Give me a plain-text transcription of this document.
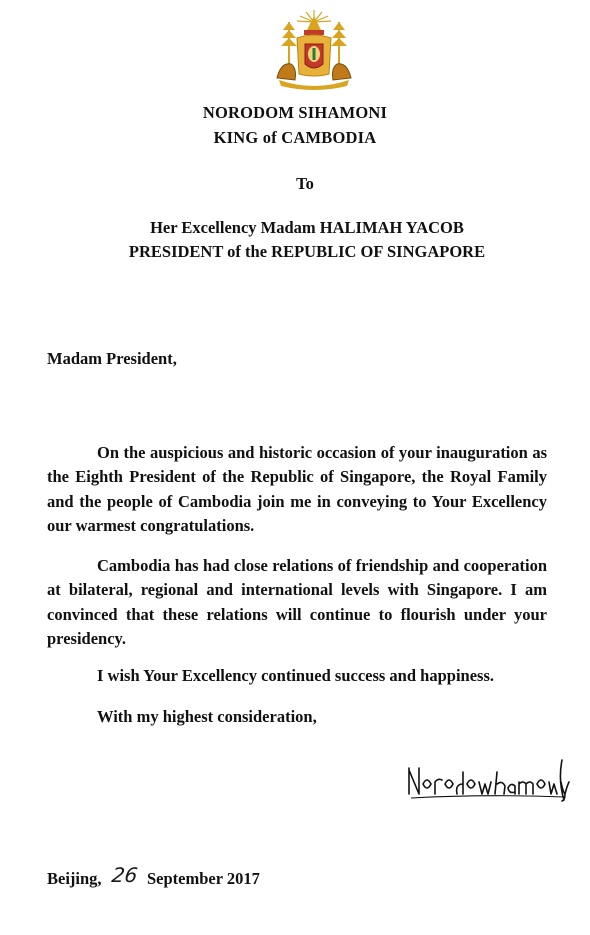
NORODOM SIHAMONI
KING of CAMBODIA
To
Her Excellency Madam HALIMAH YACOB
PRESIDENT of the REPUBLIC OF SINGAPORE
Madam President,

On the auspicious and historic occasion of your inauguration as the Eighth President of the Republic of Singapore, the Royal Family and the people of Cambodia join me in conveying to Your Excellency our warmest congratulations.

Cambodia has had close relations of friendship and cooperation at bilateral, regional and international levels with Singapore. I am convinced that these relations will continue to flourish under your presidency.

I wish Your Excellency continued success and happiness.

With my highest consideration,
Beijing, 26 September 2017
